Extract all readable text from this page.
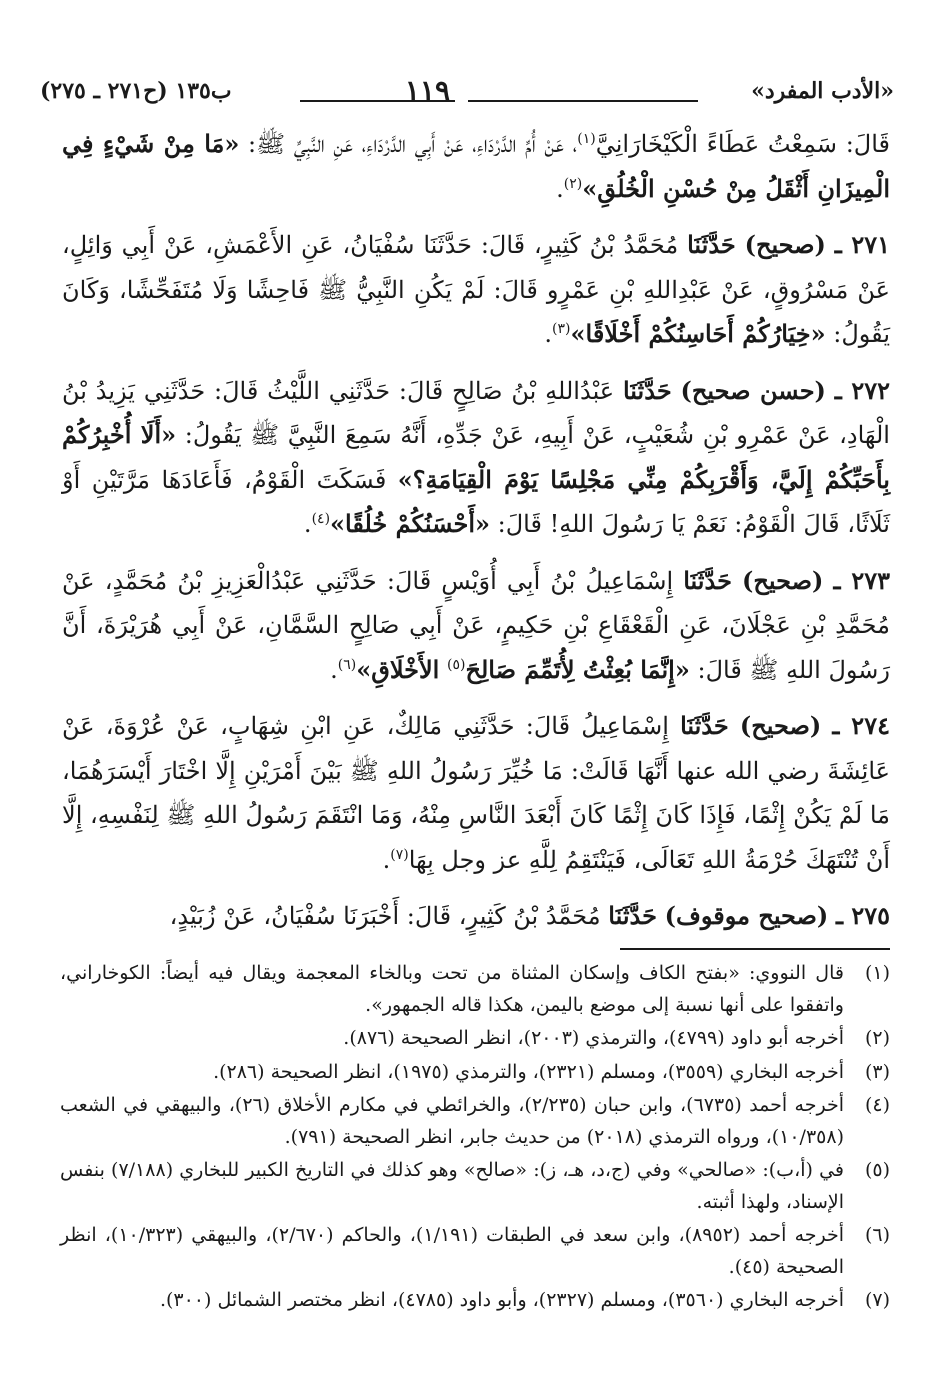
«الأدب المفرد»
١١٩
ب١٣٥ (ح٢٧١ ـ ٢٧٥)

قَالَ: سَمِعْتُ عَطَاءً الْكَيْخَارَانِيَّ$^{(١)}$، عَنْ أُمِّ الدَّرْدَاءِ، عَنْ أَبِي الدَّرْدَاءِ، عَنِ النَّبِيِّ ﷺ: «مَا مِنْ شَيْءٍ فِي الْمِيزَانِ أَثْقَلُ مِنْ حُسْنِ الْخُلُقِ»$^{(٢)}$.

٢٧١ ـ (صحيح) حَدَّثَنَا مُحَمَّدُ بْنُ كَثِيرٍ، قَالَ: حَدَّثَنَا سُفْيَانُ، عَنِ الأَعْمَشِ، عَنْ أَبِي وَائِلٍ، عَنْ مَسْرُوقٍ، عَنْ عَبْدِاللهِ بْنِ عَمْرٍو قَالَ: لَمْ يَكُنِ النَّبِيُّ ﷺ فَاحِشًا وَلَا مُتَفَحِّشًا، وَكَانَ يَقُولُ: «خِيَارُكُمْ أَحَاسِنُكُمْ أَخْلَاقًا»$^{(٣)}$.

٢٧٢ ـ (حسن صحيح) حَدَّثَنَا عَبْدُاللهِ بْنُ صَالِحٍ قَالَ: حَدَّثَنِي اللَّيْثُ قَالَ: حَدَّثَنِي يَزِيدُ بْنُ الْهَادِ، عَنْ عَمْرِو بْنِ شُعَيْبٍ، عَنْ أَبِيهِ، عَنْ جَدِّهِ، أَنَّهُ سَمِعَ النَّبِيَّ ﷺ يَقُولُ: «أَلَا أُخْبِرُكُمْ بِأَحَبِّكُمْ إِلَيَّ، وَأَقْرَبِكُمْ مِنِّي مَجْلِسًا يَوْمَ الْقِيَامَةِ؟» فَسَكَتَ الْقَوْمُ، فَأَعَادَهَا مَرَّتَيْنِ أَوْ ثَلَاثًا، قَالَ الْقَوْمُ: نَعَمْ يَا رَسُولَ اللهِ! قَالَ: «أَحْسَنُكُمْ خُلُقًا»$^{(٤)}$.

٢٧٣ ـ (صحيح) حَدَّثَنَا إِسْمَاعِيلُ بْنُ أَبِي أُوَيْسٍ قَالَ: حَدَّثَنِي عَبْدُالْعَزِيزِ بْنُ مُحَمَّدٍ، عَنْ مُحَمَّدِ بْنِ عَجْلَانَ، عَنِ الْقَعْقَاعِ بْنِ حَكِيمٍ، عَنْ أَبِي صَالِحٍ السَّمَّانِ، عَنْ أَبِي هُرَيْرَةَ، أَنَّ رَسُولَ اللهِ ﷺ قَالَ: «إِنَّمَا بُعِثْتُ لِأُتَمِّمَ صَالِحَ$^{(٥)}$ الأَخْلَاقِ»$^{(٦)}$.

٢٧٤ ـ (صحيح) حَدَّثَنَا إِسْمَاعِيلُ قَالَ: حَدَّثَنِي مَالِكٌ، عَنِ ابْنِ شِهَابٍ، عَنْ عُرْوَةَ، عَنْ عَائِشَةَ رضي الله عنها أَنَّهَا قَالَتْ: مَا خُيِّرَ رَسُولُ اللهِ ﷺ بَيْنَ أَمْرَيْنِ إِلَّا اخْتَارَ أَيْسَرَهُمَا، مَا لَمْ يَكُنْ إِثْمًا، فَإِذَا كَانَ إِثْمًا كَانَ أَبْعَدَ النَّاسِ مِنْهُ، وَمَا انْتَقَمَ رَسُولُ اللهِ ﷺ لِنَفْسِهِ، إِلَّا أَنْ تُنْتَهَكَ حُرْمَةُ اللهِ تَعَالَى، فَيَنْتَقِمُ لِلَّهِ عز وجل بِهَا$^{(٧)}$.

٢٧٥ ـ (صحيح موقوف) حَدَّثَنَا مُحَمَّدُ بْنُ كَثِيرٍ، قَالَ: أَخْبَرَنَا سُفْيَانُ، عَنْ زُبَيْدٍ،

(١)

قال النووي: «بفتح الكاف وإسكان المثناة من تحت وبالخاء المعجمة ويقال فيه أيضاً: الكوخاراني، واتفقوا على أنها نسبة إلى موضع باليمن، هكذا قاله الجمهور».

(٢)

أخرجه أبو داود (٤٧٩٩)، والترمذي (٢٠٠٣)، انظر الصحيحة (٨٧٦).

(٣)

أخرجه البخاري (٣٥٥٩)، ومسلم (٢٣٢١)، والترمذي (١٩٧٥)، انظر الصحيحة (٢٨٦).

(٤)

أخرجه أحمد (٦٧٣٥)، وابن حبان (٢/٢٣٥)، والخرائطي في مكارم الأخلاق (٢٦)، والبيهقي في الشعب (١٠/٣٥٨)، ورواه الترمذي (٢٠١٨) من حديث جابر، انظر الصحيحة (٧٩١).

(٥)

في (أ،ب): «صالحي» وفي (ج،د، هـ، ز): «صالح» وهو كذلك في التاريخ الكبير للبخاري (٧/١٨٨) بنفس الإسناد، ولهذا أثبته.

(٦)

أخرجه أحمد (٨٩٥٢)، وابن سعد في الطبقات (١/١٩١)، والحاكم (٢/٦٧٠)، والبيهقي (١٠/٣٢٣)، انظر الصحيحة (٤٥).

(٧)

أخرجه البخاري (٣٥٦٠)، ومسلم (٢٣٢٧)، وأبو داود (٤٧٨٥)، انظر مختصر الشمائل (٣٠٠).
